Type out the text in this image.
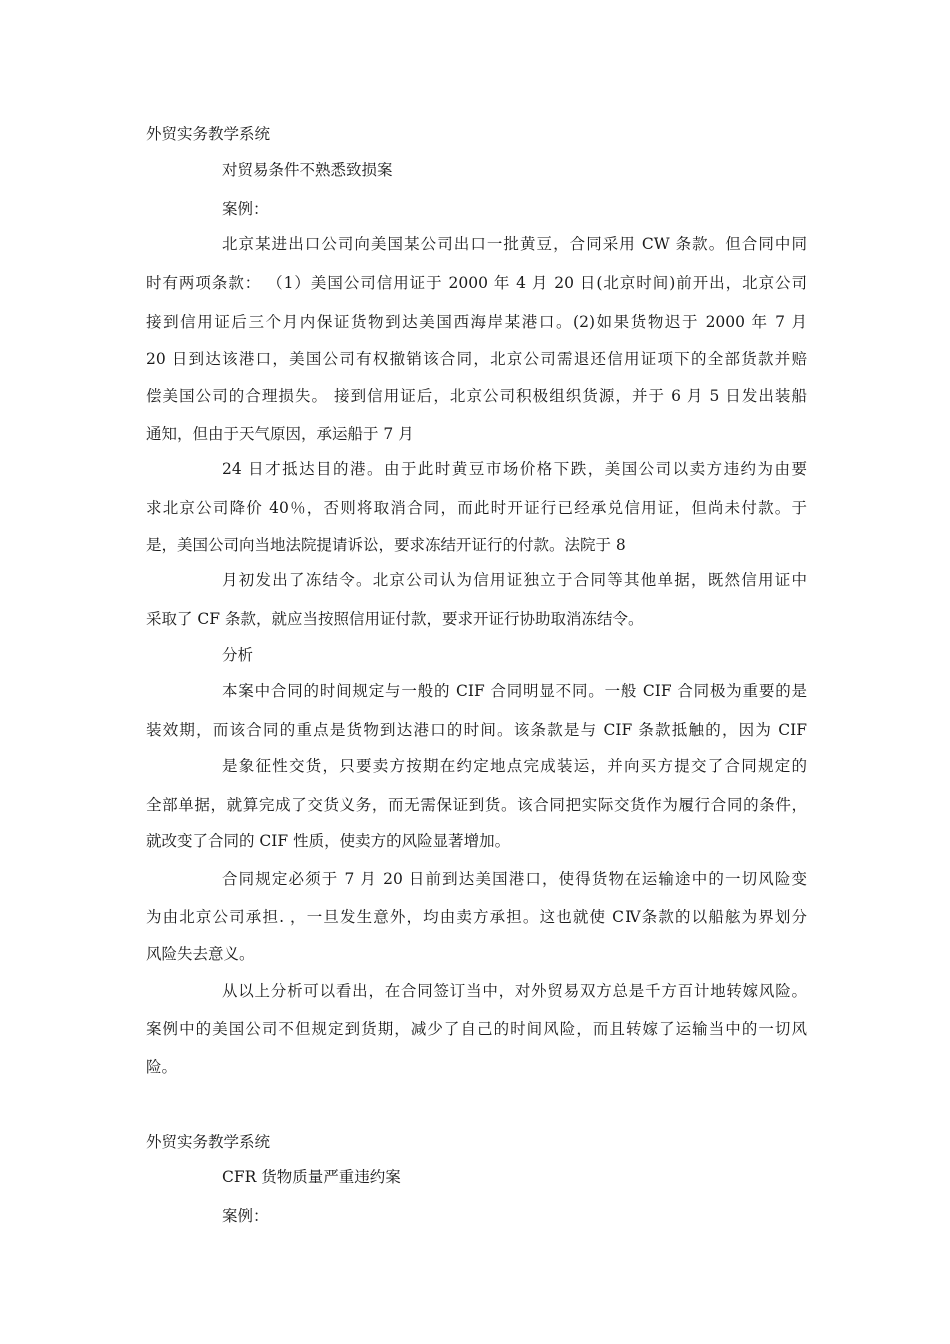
外贸实务教学系统
对贸易条件不熟悉致损案
案例：
北京某进出口公司向美国某公司出口一批黄豆，合同采用 CW 条款。但合同中同
时有两项条款： （1）美国公司信用证于 2000 年 4 月 20 日(北京时间)前开出，北京公司
接到信用证后三个月内保证货物到达美国西海岸某港口。(2)如果货物迟于 2000 年 7 月
20 日到达该港口，美国公司有权撤销该合同，北京公司需退还信用证项下的全部货款并赔
偿美国公司的合理损失。 接到信用证后，北京公司积极组织货源，并于 6 月 5 日发出装船
通知，但由于天气原因，承运船于 7 月
24 日才抵达目的港。由于此时黄豆市场价格下跌，美国公司以卖方违约为由要
求北京公司降价 40％，否则将取消合同，而此时开证行已经承兑信用证，但尚未付款。于
是，美国公司向当地法院提请诉讼，要求冻结开证行的付款。法院于 8
月初发出了冻结令。北京公司认为信用证独立于合同等其他单据，既然信用证中
采取了 CF 条款，就应当按照信用证付款，要求开证行协助取消冻结令。
分析
本案中合同的时间规定与一般的 CIF 合同明显不同。一般 CIF 合同极为重要的是
装效期，而该合同的重点是货物到达港口的时间。该条款是与 CIF 条款抵触的，因为 CIF
是象征性交货，只要卖方按期在约定地点完成装运，并向买方提交了合同规定的
全部单据，就算完成了交货义务，而无需保证到货。该合同把实际交货作为履行合同的条件，
就改变了合同的 CIF 性质，使卖方的风险显著增加。
合同规定必须于 7 月 20 日前到达美国港口，使得货物在运输途中的一切风险变
为由北京公司承担. ，一旦发生意外，均由卖方承担。这也就使 CⅣ条款的以船舷为界划分
风险失去意义。
从以上分析可以看出，在合同签订当中，对外贸易双方总是千方百计地转嫁风险。
案例中的美国公司不但规定到货期，减少了自己的时间风险，而且转嫁了运输当中的一切风
险。
外贸实务教学系统
CFR 货物质量严重违约案
案例：
